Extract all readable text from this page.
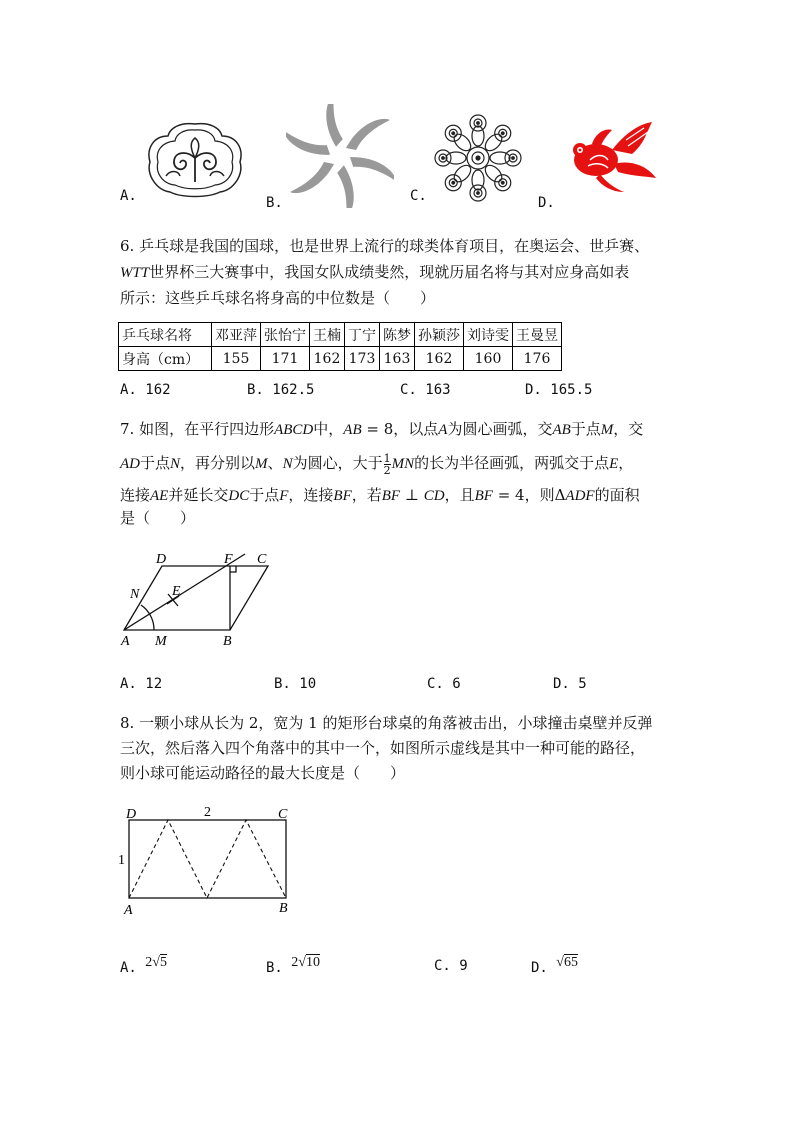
A.	B.	C.	D.
6. 乒乓球是我国的国球，也是世界上流行的球类体育项目，在奥运会、世乒赛、
WTT世界杯三大赛事中，我国女队成绩斐然，现就历届名将与其对应身高如表
所示：这些乒乓球名将身高的中位数是（　　）
乒乓球名将	邓亚萍	张怡宁	王楠	丁宁	陈梦	孙颖莎	刘诗雯	王曼昱
身高（cm）	155	171	162	173	163	162	160	176
A. 162	B. 162.5	C. 163	D. 165.5
7. 如图，在平行四边形ABCD中，AB = 8，以点A为圆心画弧，交AB于点M，交
AD于点N，再分别以M、N为圆心，大于 $\frac{1}{2}$ MN的长为半径画弧，两弧交于点E，
连接AE并延长交DC于点F，连接BF，若BF ⊥ CD，且BF = 4，则ΔADF的面积
是（　　）
D	F C
N E
A M	B
A. 12	B. 10	C. 6	D. 5
8. 一颗小球从长为 2，宽为 1 的矩形台球桌的角落被击出，小球撞击桌壁并反弹
三次，然后落入四个角落中的其中一个，如图所示虚线是其中一种可能的路径，
则小球可能运动路径的最大长度是（　　）
D	2	C
1
A	B
A. 2√5	B. 2√10	C. 9	D. √65
